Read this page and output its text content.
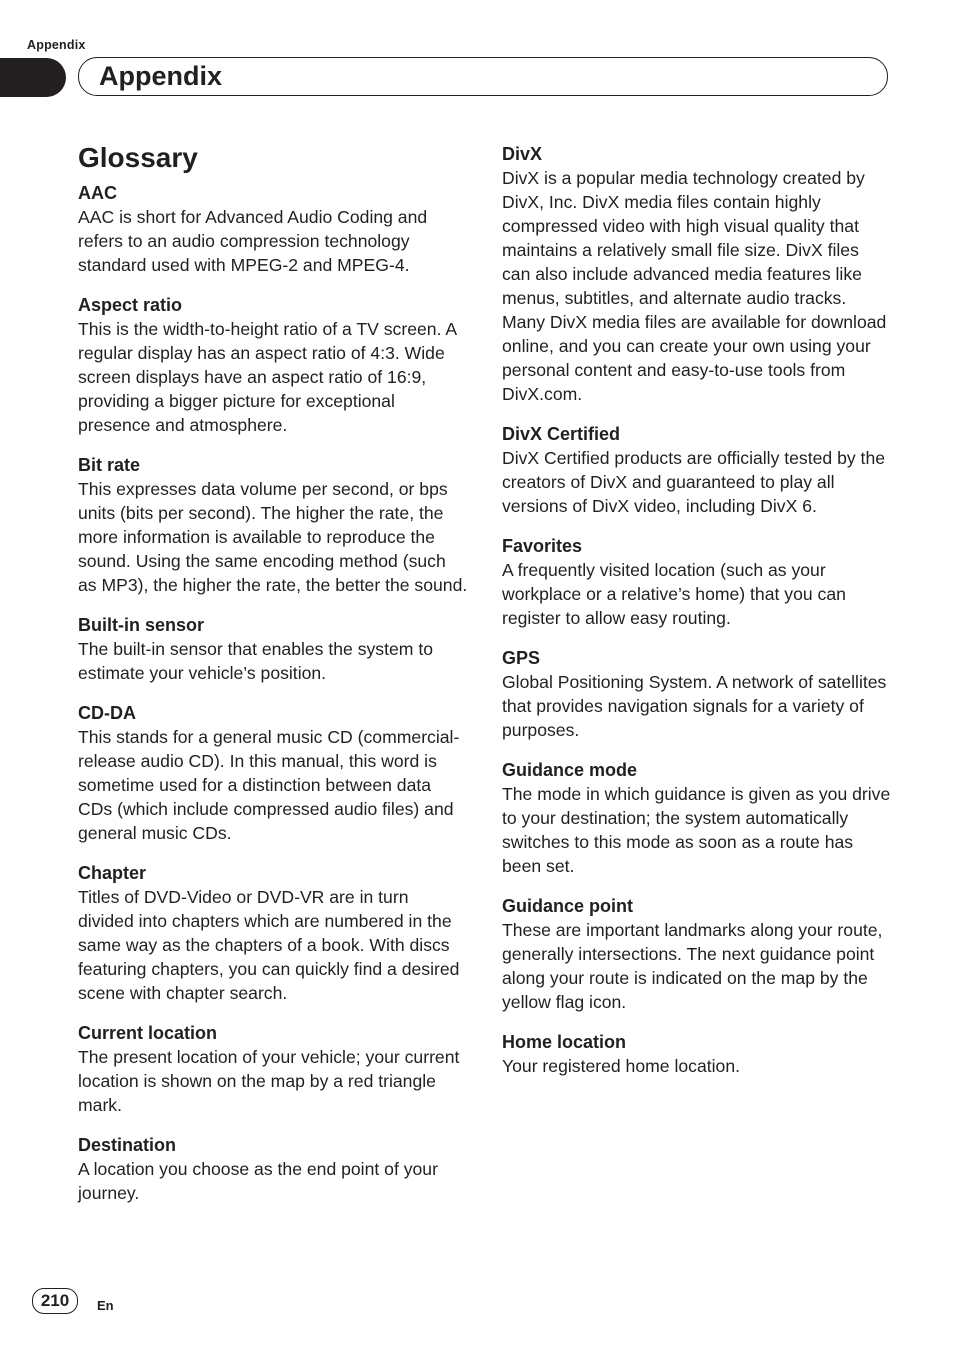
Appendix
Appendix
Glossary
AAC
AAC is short for Advanced Audio Coding and refers to an audio compression technology standard used with MPEG-2 and MPEG-4.
Aspect ratio
This is the width-to-height ratio of a TV screen. A regular display has an aspect ratio of 4:3. Wide screen displays have an aspect ratio of 16:9, providing a bigger picture for exceptional presence and atmosphere.
Bit rate
This expresses data volume per second, or bps units (bits per second). The higher the rate, the more information is available to reproduce the sound. Using the same encoding method (such as MP3), the higher the rate, the better the sound.
Built-in sensor
The built-in sensor that enables the system to estimate your vehicle’s position.
CD-DA
This stands for a general music CD (commercial-release audio CD). In this manual, this word is sometime used for a distinction between data CDs (which include compressed audio files) and general music CDs.
Chapter
Titles of DVD-Video or DVD-VR are in turn divided into chapters which are numbered in the same way as the chapters of a book. With discs featuring chapters, you can quickly find a desired scene with chapter search.
Current location
The present location of your vehicle; your current location is shown on the map by a red triangle mark.
Destination
A location you choose as the end point of your journey.
DivX
DivX is a popular media technology created by DivX, Inc. DivX media files contain highly compressed video with high visual quality that maintains a relatively small file size. DivX files can also include advanced media features like menus, subtitles, and alternate audio tracks. Many DivX media files are available for download online, and you can create your own using your personal content and easy-to-use tools from DivX.com.
DivX Certified
DivX Certified products are officially tested by the creators of DivX and guaranteed to play all versions of DivX video, including DivX 6.
Favorites
A frequently visited location (such as your workplace or a relative’s home) that you can register to allow easy routing.
GPS
Global Positioning System. A network of satellites that provides navigation signals for a variety of purposes.
Guidance mode
The mode in which guidance is given as you drive to your destination; the system automatically switches to this mode as soon as a route has been set.
Guidance point
These are important landmarks along your route, generally intersections. The next guidance point along your route is indicated on the map by the yellow flag icon.
Home location
Your registered home location.
210	En
